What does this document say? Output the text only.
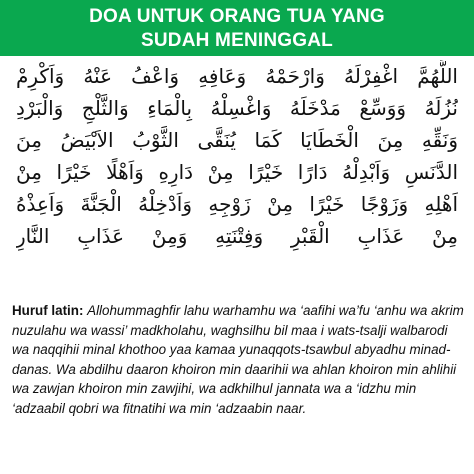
DOA UNTUK ORANG TUA YANG
SUDAH MENINGGAL
اللَّهُمَّ اغْفِرْلَهُ وَارْحَمْهُ وَعَافِهِ وَاعْفُ عَنْهُ وَاَكْرِمْ
نُزُلَهُ وَوَسِّعْ مَدْخَلَهُ وَاغْسِلْهُ بِالْمَاءِ وَالثَّلْجِ وَالْبَرْدِ
وَنَقِّهِ مِنَ الْخَطَايَا كَمَا يُنَقَّى الثَّوْبُ الاَبْيَضُ مِنَ
الدَّنَسِ وَاَبْدِلْهُ دَارًا خَيْرًا مِنْ دَارِهِ وَاَهْلًا خَيْرًا مِنْ
اَهْلِهِ وَزَوْجًا خَيْرًا مِنْ زَوْجِهِ وَاَدْخِلْهُ الْجَنَّةَ وَاَعِذْهُ
مِنْ عَذَابِ الْقَبْرِ وَفِتْنَتِهِ وَمِنْ عَذَابِ النَّارِ
Huruf latin: Allohummaghfir lahu warhamhu wa ‘aafihi wa’fu ‘anhu wa akrim nuzulahu wa wassi’ madkholahu, waghsilhu bil maa i wats-tsalji walbarodi wa naqqihii minal khothoo yaa kamaa yunaqqots-tsawbul abyadhu minad-danas. Wa abdilhu daaron khoiron min daarihii wa ahlan khoiron min ahlihii wa zawjan khoiron min zawjihi, wa adkhilhul jannata wa a ‘idzhu min ‘adzaabil qobri wa fitnatihi wa min ‘adzaabin naar.
